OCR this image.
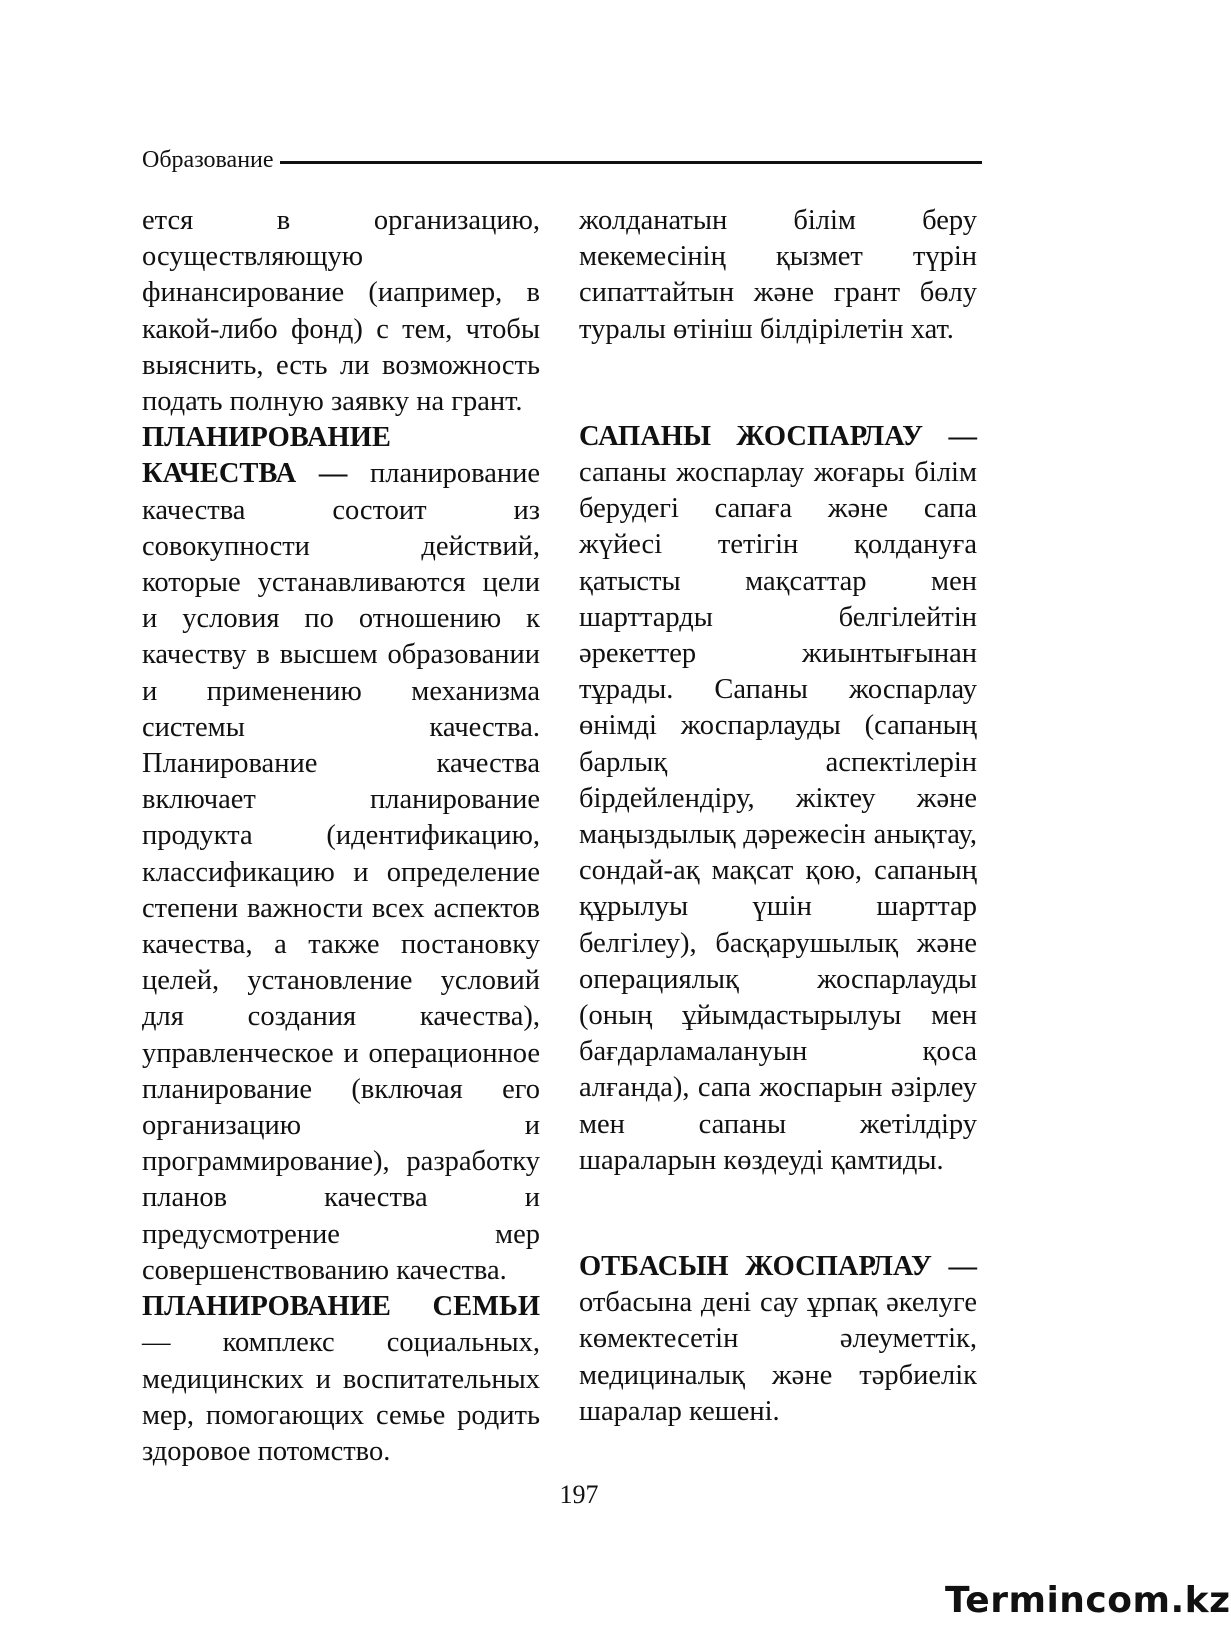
Образование

ется в организацию, осуществляющую финансирование (иапример, в какой-либо фонд) с тем, чтобы выяснить, есть ли возможность подать полную заявку на грант.

ПЛАНИРОВАНИЕ КАЧЕСТВА — планирование качества состоит из совокупности действий, которые устанавливаются цели и условия по отношению к качеству в высшем образовании и применению механизма системы качества. Планирование качества включает планирование продукта (идентификацию, классификацию и определение степени важности всех аспектов качества, а также постановку целей, установление условий для создания качества), управленческое и операционное планирование (включая его организацию и программирование), разработку планов качества и предусмотрение мер совершенствованию качества.

ПЛАНИРОВАНИЕ СЕМЬИ — комплекс социальных, медицинских и воспитательных мер, помогающих семье родить здоровое потомство.

жолданатын білім беру мекемесінің қызмет түрін сипаттайтын және грант бөлу туралы өтініш білдірілетін хат.

САПАНЫ ЖОСПАРЛАУ — сапаны жоспарлау жоғары білім берудегі сапаға және сапа жүйесі тетігін қолдануға қатысты мақсаттар мен шарттарды белгілейтін әрекеттер жиынтығынан тұрады. Сапаны жоспарлау өнімді жоспарлауды (сапаның барлық аспектілерін бірдейлендіру, жіктеу және маңыздылық дәрежесін анықтау, сондай-ақ мақсат қою, сапаның құрылуы үшін шарттар белгілеу), басқарушылық және операциялық жоспарлауды (оның ұйымдастырылуы мен бағдарламалануын қоса алғанда), сапа жоспарын әзірлеу мен сапаны жетілдіру шараларын көздеуді қамтиды.

ОТБАСЫН ЖОСПАРЛАУ — отбасына дені сау ұрпақ әкелуге көмектесетін әлеуметтік, медициналық және тәрбиелік шаралар кешені.

197
Termincom.kz
